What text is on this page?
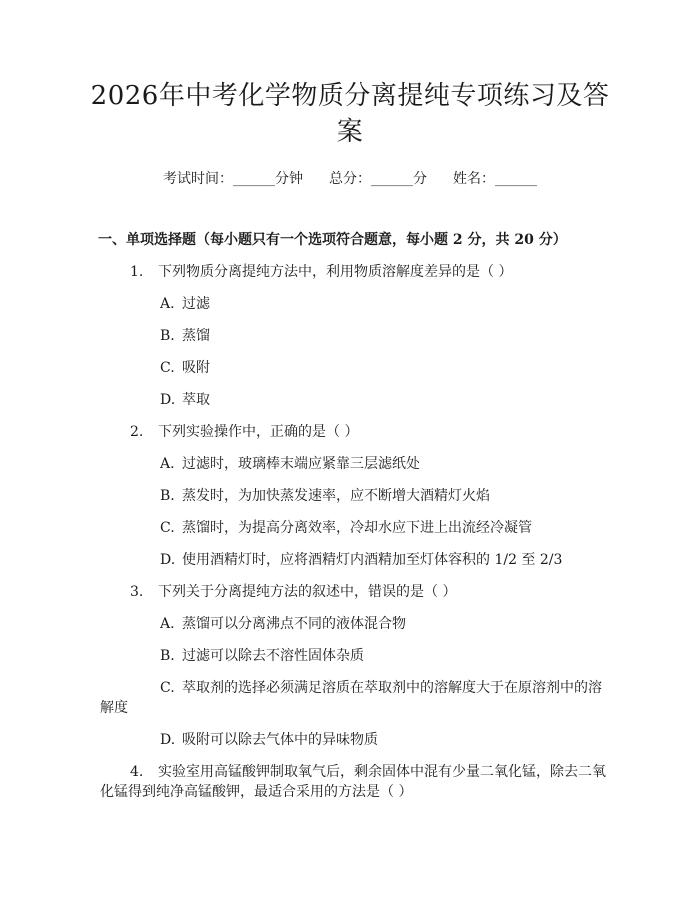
2026年中考化学物质分离提纯专项练习及答案
考试时间：______分钟 总分：______分 姓名：______
一、单项选择题（每小题只有一个选项符合题意，每小题 2 分，共 20 分）
1. 下列物质分离提纯方法中，利用物质溶解度差异的是（ ）
A. 过滤
B. 蒸馏
C. 吸附
D. 萃取
2. 下列实验操作中，正确的是（ ）
A. 过滤时，玻璃棒末端应紧靠三层滤纸处
B. 蒸发时，为加快蒸发速率，应不断增大酒精灯火焰
C. 蒸馏时，为提高分离效率，冷却水应下进上出流经冷凝管
D. 使用酒精灯时，应将酒精灯内酒精加至灯体容积的 1/2 至 2/3
3. 下列关于分离提纯方法的叙述中，错误的是（ ）
A. 蒸馏可以分离沸点不同的液体混合物
B. 过滤可以除去不溶性固体杂质
C. 萃取剂的选择必须满足溶质在萃取剂中的溶解度大于在原溶剂中的溶
解度
D. 吸附可以除去气体中的异味物质
4. 实验室用高锰酸钾制取氧气后，剩余固体中混有少量二氧化锰，除去二氧
化锰得到纯净高锰酸钾，最适合采用的方法是（ ）
